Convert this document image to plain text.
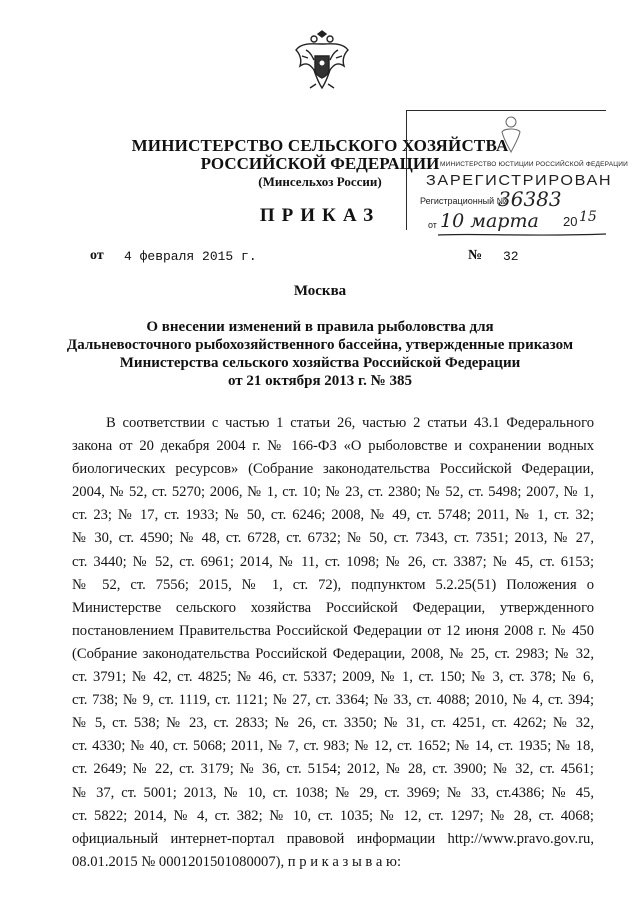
МИНИСТЕРСТВО СЕЛЬСКОГО ХОЗЯЙСТВА
РОССИЙСКОЙ ФЕДЕРАЦИИ
(Минсельхоз России)
ПРИКАЗ
от 4 февраля 2015 г.	№ 32
Москва
О внесении изменений в правила рыболовства для
Дальневосточного рыбохозяйственного бассейна, утвержденные приказом
Министерства сельского хозяйства Российской Федерации
от 21 октября 2013 г. № 385
В соответствии с частью 1 статьи 26, частью 2 статьи 43.1 Федерального
закона от 20 декабря 2004 г. № 166-ФЗ «О рыболовстве и сохранении водных
биологических ресурсов» (Собрание законодательства Российской Федерации,
2004, № 52, ст. 5270; 2006, № 1, ст. 10; № 23, ст. 2380; № 52, ст. 5498; 2007, № 1,
ст. 23; № 17, ст. 1933; № 50, ст. 6246; 2008, № 49, ст. 5748; 2011, № 1, ст. 32;
№ 30, ст. 4590; № 48, ст. 6728, ст. 6732; № 50, ст. 7343, ст. 7351; 2013, № 27,
ст. 3440; № 52, ст. 6961; 2014, № 11, ст. 1098; № 26, ст. 3387; № 45, ст. 6153;
№ 52, ст. 7556; 2015, № 1, ст. 72), подпунктом 5.2.25(51) Положения о
Министерстве сельского хозяйства Российской Федерации, утвержденного
постановлением Правительства Российской Федерации от 12 июня 2008 г. № 450
(Собрание законодательства Российской Федерации, 2008, № 25, ст. 2983; № 32,
ст. 3791; № 42, ст. 4825; № 46, ст. 5337; 2009, № 1, ст. 150; № 3, ст. 378; № 6,
ст. 738; № 9, ст. 1119, ст. 1121; № 27, ст. 3364; № 33, ст. 4088; 2010, № 4, ст. 394;
№ 5, ст. 538; № 23, ст. 2833; № 26, ст. 3350; № 31, ст. 4251, ст. 4262; № 32,
ст. 4330; № 40, ст. 5068; 2011, № 7, ст. 983; № 12, ст. 1652; № 14, ст. 1935; № 18,
ст. 2649; № 22, ст. 3179; № 36, ст. 5154; 2012, № 28, ст. 3900; № 32, ст. 4561;
№ 37, ст. 5001; 2013, № 10, ст. 1038; № 29, ст. 3969; № 33, ст.4386; № 45,
ст. 5822; 2014, № 4, ст. 382; № 10, ст. 1035; № 12, ст. 1297; № 28, ст. 4068;
официальный интернет-портал правовой информации http://www.pravo.gov.ru,
08.01.2015 № 0001201501080007), п р и к а з ы в а ю:
МИНИСТЕРСТВО ЮСТИЦИИ РОССИЙСКОЙ ФЕДЕРАЦИИ
ЗАРЕГИСТРИРОВАН
Регистрационный №
36383
от 10 марта 20 15
